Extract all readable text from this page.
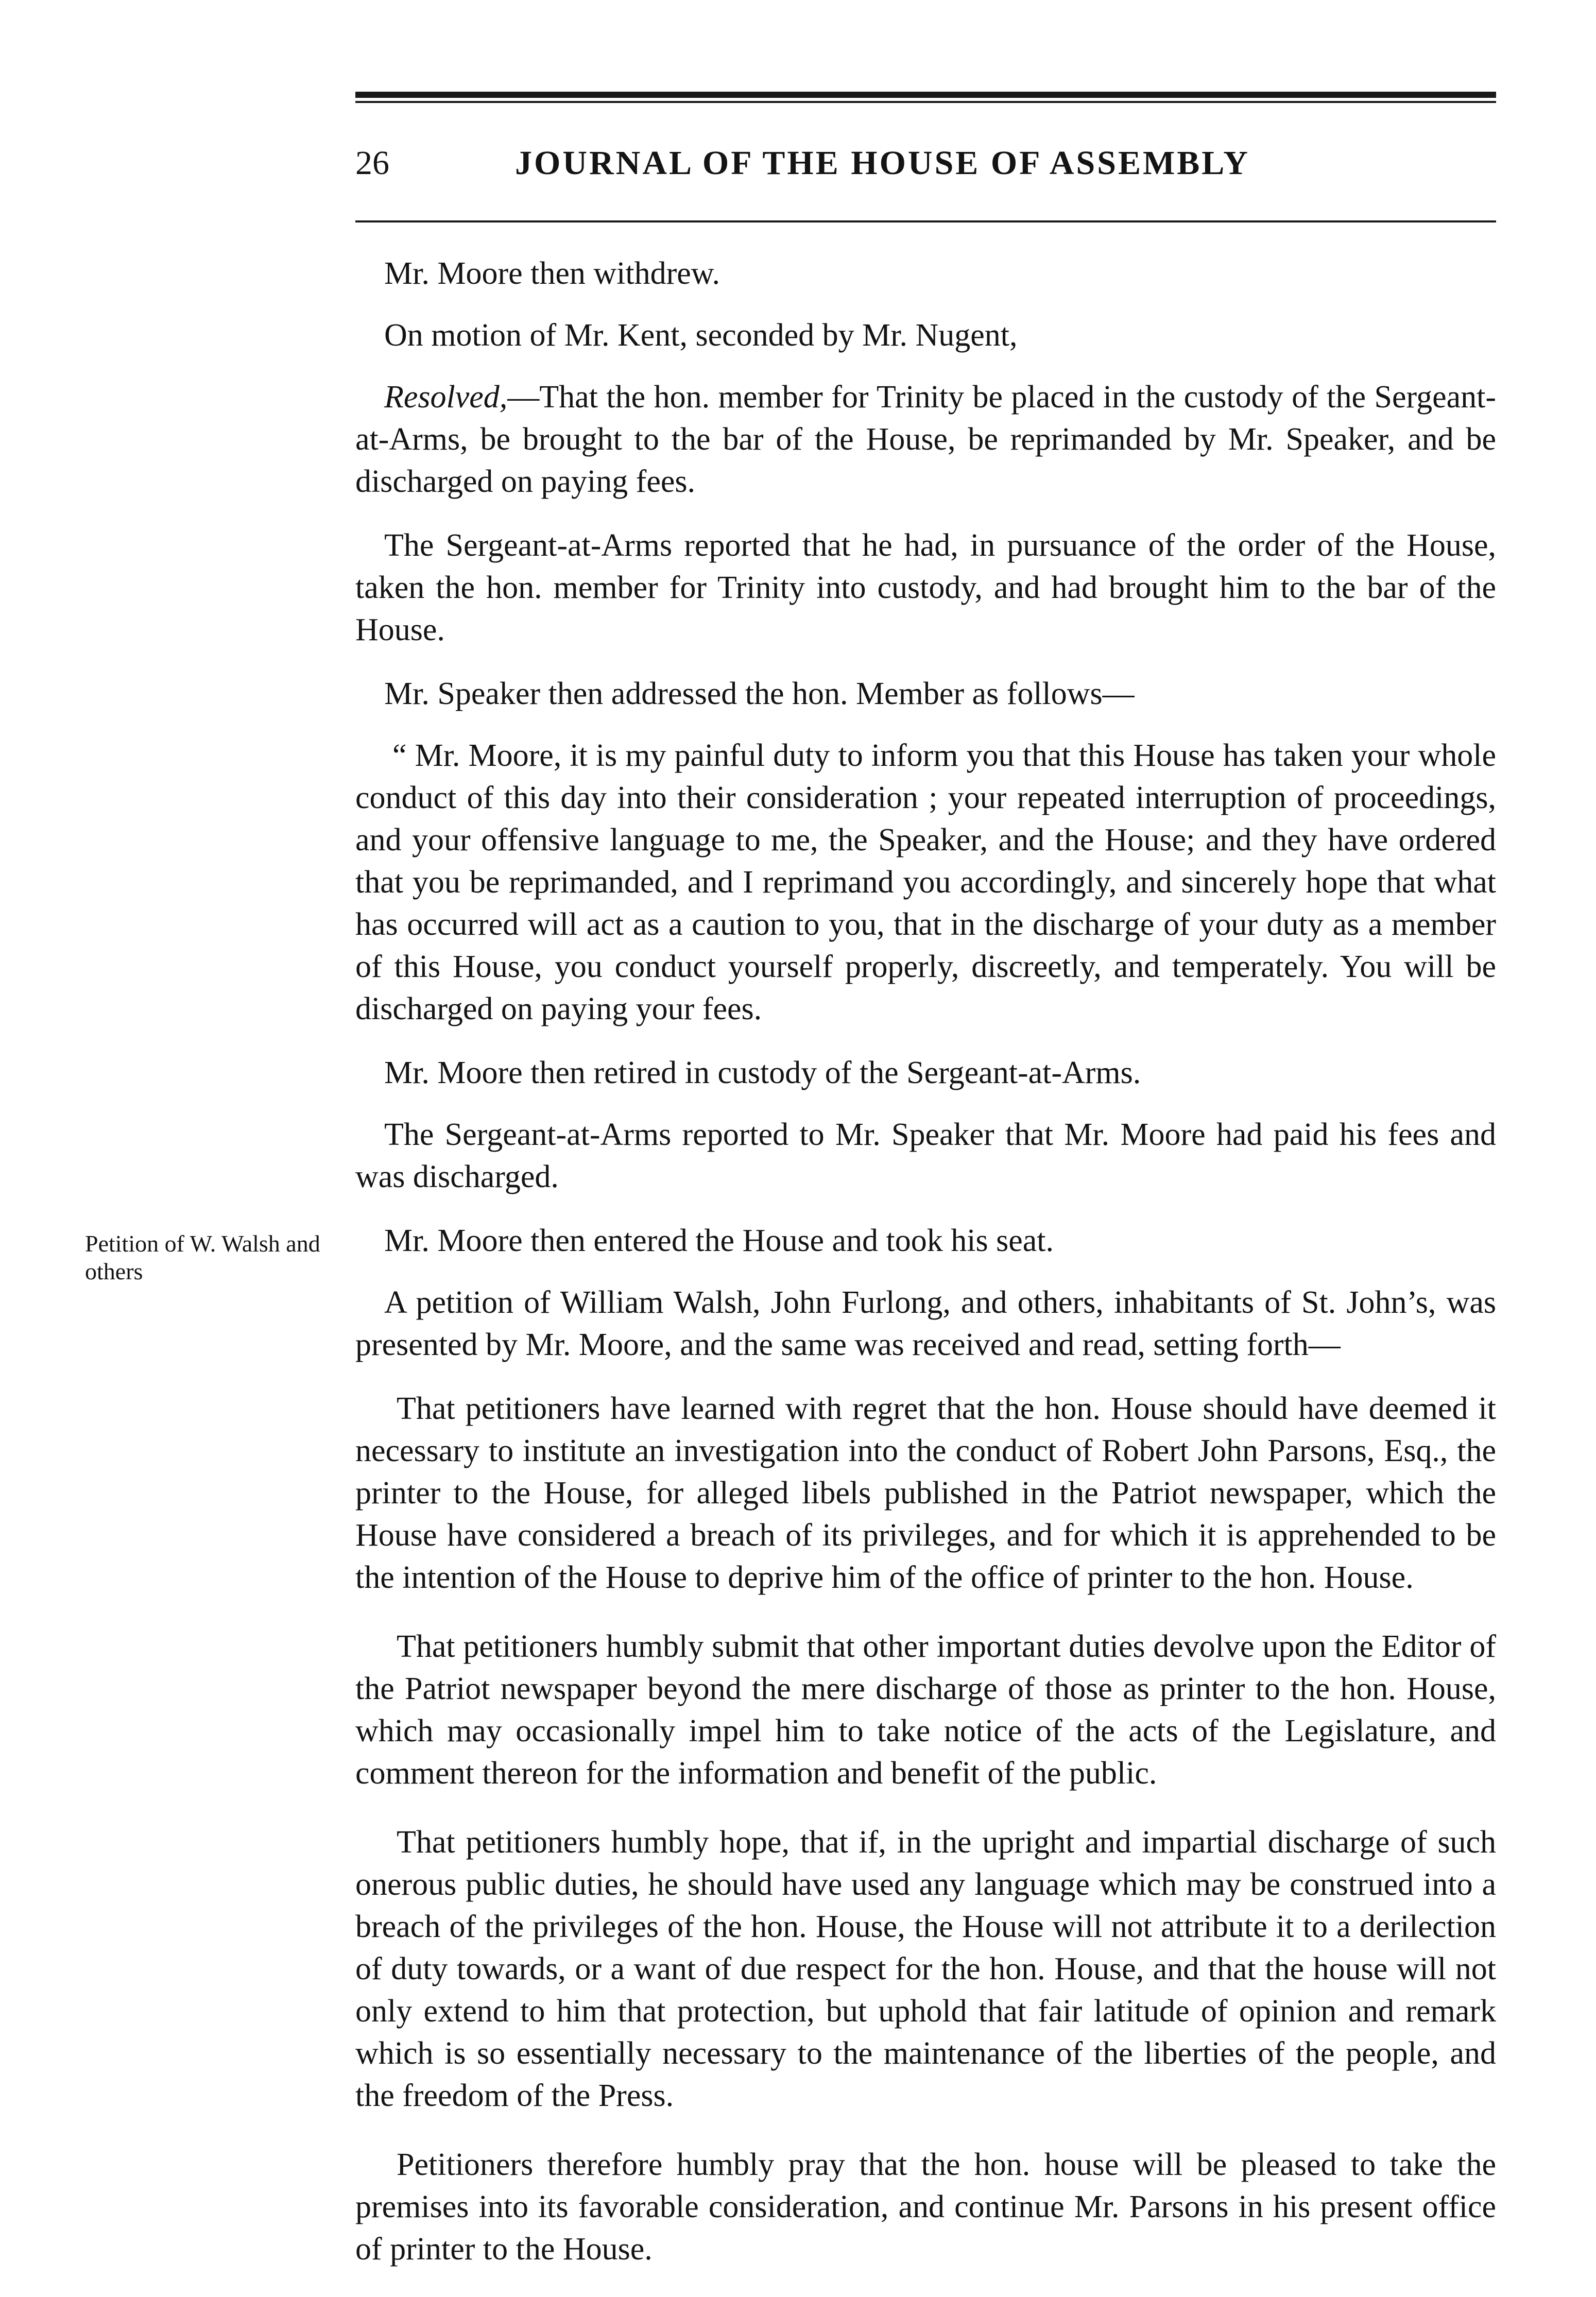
26	JOURNAL OF THE HOUSE OF ASSEMBLY
Petition of W. Walsh and others

Mr. Moore then withdrew.

On motion of Mr. Kent, seconded by Mr. Nugent,

Resolved,—That the hon. member for Trinity be placed in the custody of the Sergeant-at-Arms, be brought to the bar of the House, be reprimanded by Mr. Speaker, and be discharged on paying fees.

The Sergeant-at-Arms reported that he had, in pursuance of the order of the House, taken the hon. member for Trinity into custody, and had brought him to the bar of the House.

Mr. Speaker then addressed the hon. Member as follows—

“ Mr. Moore, it is my painful duty to inform you that this House has taken your whole conduct of this day into their consideration ; your repeated interruption of proceedings, and your offensive language to me, the Speaker, and the House; and they have ordered that you be reprimanded, and I reprimand you accordingly, and sincerely hope that what has occurred will act as a caution to you, that in the discharge of your duty as a member of this House, you conduct yourself properly, discreetly, and temperately. You will be discharged on paying your fees.

Mr. Moore then retired in custody of the Sergeant-at-Arms.

The Sergeant-at-Arms reported to Mr. Speaker that Mr. Moore had paid his fees and was discharged.

Mr. Moore then entered the House and took his seat.

A petition of William Walsh, John Furlong, and others, inhabitants of St. John’s, was presented by Mr. Moore, and the same was received and read, setting forth—

That petitioners have learned with regret that the hon. House should have deemed it necessary to institute an investigation into the conduct of Robert John Parsons, Esq., the printer to the House, for alleged libels published in the Patriot newspaper, which the House have considered a breach of its privileges, and for which it is apprehended to be the intention of the House to deprive him of the office of printer to the hon. House.

That petitioners humbly submit that other important duties devolve upon the Editor of the Patriot newspaper beyond the mere discharge of those as printer to the hon. House, which may occasionally impel him to take notice of the acts of the Legislature, and comment thereon for the information and benefit of the public.

That petitioners humbly hope, that if, in the upright and impartial discharge of such onerous public duties, he should have used any language which may be construed into a breach of the privileges of the hon. House, the House will not attribute it to a derilection of duty towards, or a want of due respect for the hon. House, and that the house will not only extend to him that protection, but uphold that fair latitude of opinion and remark which is so essentially necessary to the maintenance of the liberties of the people, and the freedom of the Press.

Petitioners therefore humbly pray that the hon. house will be pleased to take the premises into its favorable consideration, and continue Mr. Parsons in his present office of printer to the House.
